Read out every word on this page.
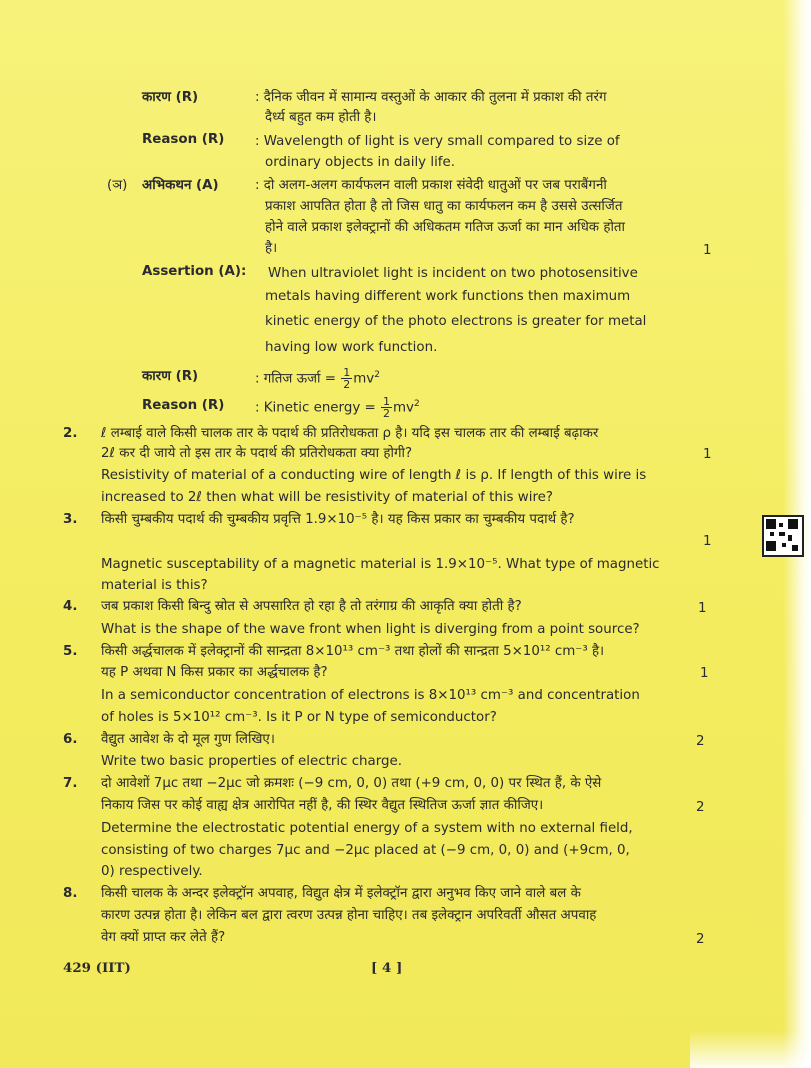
कारण (R)	: दैनिक जीवन में सामान्य वस्तुओं के आकार की तुलना में प्रकाश की तरंग
दैर्ध्य बहुत कम होती है।
Reason (R) : Wavelength of light is very small compared to size of
ordinary objects in daily life.
(ञ) अभिकथन (A)	: दो अलग-अलग कार्यफलन वाली प्रकाश संवेदी धातुओं पर जब पराबैंगनी
प्रकाश आपतित होता है तो जिस धातु का कार्यफलन कम है उससे उत्सर्जित
होने वाले प्रकाश इलेक्ट्रानों की अधिकतम गतिज ऊर्जा का मान अधिक होता
है।	1
Assertion (A): When ultraviolet light is incident on two photosensitive
metals having different work functions then maximum
kinetic energy of the photo electrons is greater for metal
having low work function.
कारण (R)	: गतिज ऊर्जा = $\frac{1}{2} mv^2$
Reason (R) : Kinetic energy = $\frac{1}{2} mv^2$
2. ℓ लम्बाई वाले किसी चालक तार के पदार्थ की प्रतिरोधकता ρ है। यदि इस चालक तार की लम्बाई बढ़ाकर
2ℓ कर दी जाये तो इस तार के पदार्थ की प्रतिरोधकता क्या होगी?	1
Resistivity of material of a conducting wire of length ℓ is ρ. If length of this wire is
increased to 2ℓ then what will be resistivity of material of this wire?
3. किसी चुम्बकीय पदार्थ की चुम्बकीय प्रवृत्ति 1.9×10⁻⁵ है। यह किस प्रकार का चुम्बकीय पदार्थ है?
1
Magnetic susceptability of a magnetic material is 1.9×10⁻⁵. What type of magnetic
material is this?
4. जब प्रकाश किसी बिन्दु स्रोत से अपसारित हो रहा है तो तरंगाग्र की आकृति क्या होती है?	1
What is the shape of the wave front when light is diverging from a point source?
5. किसी अर्द्धचालक में इलेक्ट्रानों की सान्द्रता 8×10¹³ cm⁻³ तथा होलों की सान्द्रता 5×10¹² cm⁻³ है।
यह P अथवा N किस प्रकार का अर्द्धचालक है?	1
In a semiconductor concentration of electrons is 8×10¹³ cm⁻³ and concentration
of holes is 5×10¹² cm⁻³. Is it P or N type of semiconductor?
6. वैद्युत आवेश के दो मूल गुण लिखिए।	2
Write two basic properties of electric charge.
7. दो आवेशों 7μc तथा −2μc जो क्रमशः (−9 cm, 0, 0) तथा (+9 cm, 0, 0) पर स्थित हैं, के ऐसे
निकाय जिस पर कोई वाह्य क्षेत्र आरोपित नहीं है, की स्थिर वैद्युत स्थितिज ऊर्जा ज्ञात कीजिए।	2
Determine the electrostatic potential energy of a system with no external field,
consisting of two charges 7μc and −2μc placed at (−9 cm, 0, 0) and (+9cm, 0,
0) respectively.
8. किसी चालक के अन्दर इलेक्ट्रॉन अपवाह, विद्युत क्षेत्र में इलेक्ट्रॉन द्वारा अनुभव किए जाने वाले बल के
कारण उत्पन्न होता है। लेकिन बल द्वारा त्वरण उत्पन्न होना चाहिए। तब इलेक्ट्रान अपरिवर्ती औसत अपवाह
वेग क्यों प्राप्त कर लेते हैं?	2
429 (IIT)	[ 4 ]
